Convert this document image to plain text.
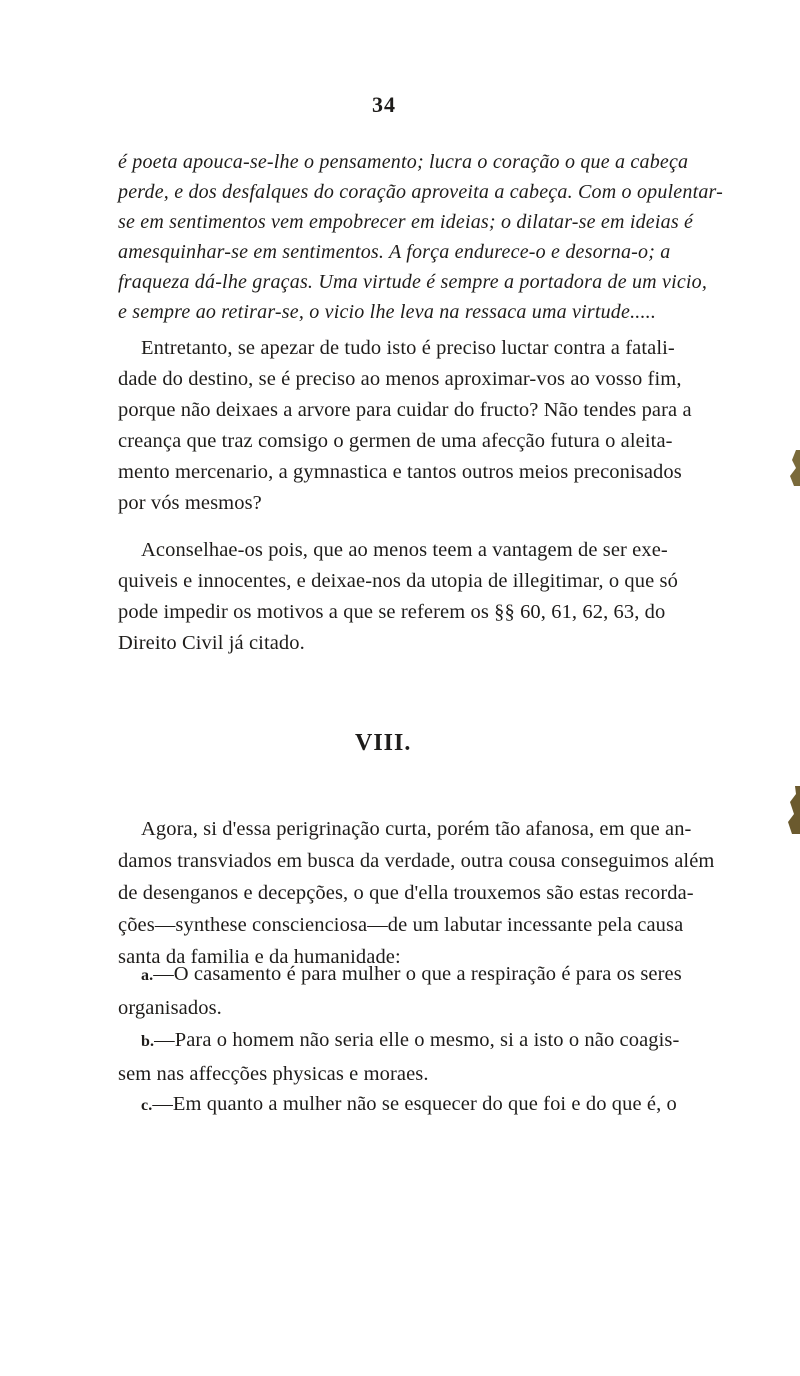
34
é poeta apouca-se-lhe o pensamento; lucra o coração o que a cabeça
perde, e dos desfalques do coração aproveita a cabeça. Com o opulentar-
se em sentimentos vem empobrecer em ideias; o dilatar-se em ideias é
amesquinhar-se em sentimentos. A força endurece-o e desorna-o; a
fraqueza dá-lhe graças. Uma virtude é sempre a portadora de um vicio,
e sempre ao retirar-se, o vicio lhe leva na ressaca uma virtude.....
Entretanto, se apezar de tudo isto é preciso luctar contra a fatali-
dade do destino, se é preciso ao menos aproximar-vos ao vosso fim,
porque não deixaes a arvore para cuidar do fructo? Não tendes para a
creança que traz comsigo o germen de uma afecção futura o aleita-
mento mercenario, a gymnastica e tantos outros meios preconisados
por vós mesmos?
Aconselhae-os pois, que ao menos teem a vantagem de ser exe-
quiveis e innocentes, e deixae-nos da utopia de illegitimar, o que só
pode impedir os motivos a que se referem os §§ 60, 61, 62, 63, do
Direito Civil já citado.
VIII.
Agora, si d'essa perigrinação curta, porém tão afanosa, em que an-
damos transviados em busca da verdade, outra cousa conseguimos além
de desenganos e decepções, o que d'ella trouxemos são estas recorda-
ções—synthese conscienciosa—de um labutar incessante pela causa
santa da familia e da humanidade:
a.—O casamento é para mulher o que a respiração é para os seres
organisados.
b.—Para o homem não seria elle o mesmo, si a isto o não coagis-
sem nas affecções physicas e moraes.
c.—Em quanto a mulher não se esquecer do que foi e do que é, o
